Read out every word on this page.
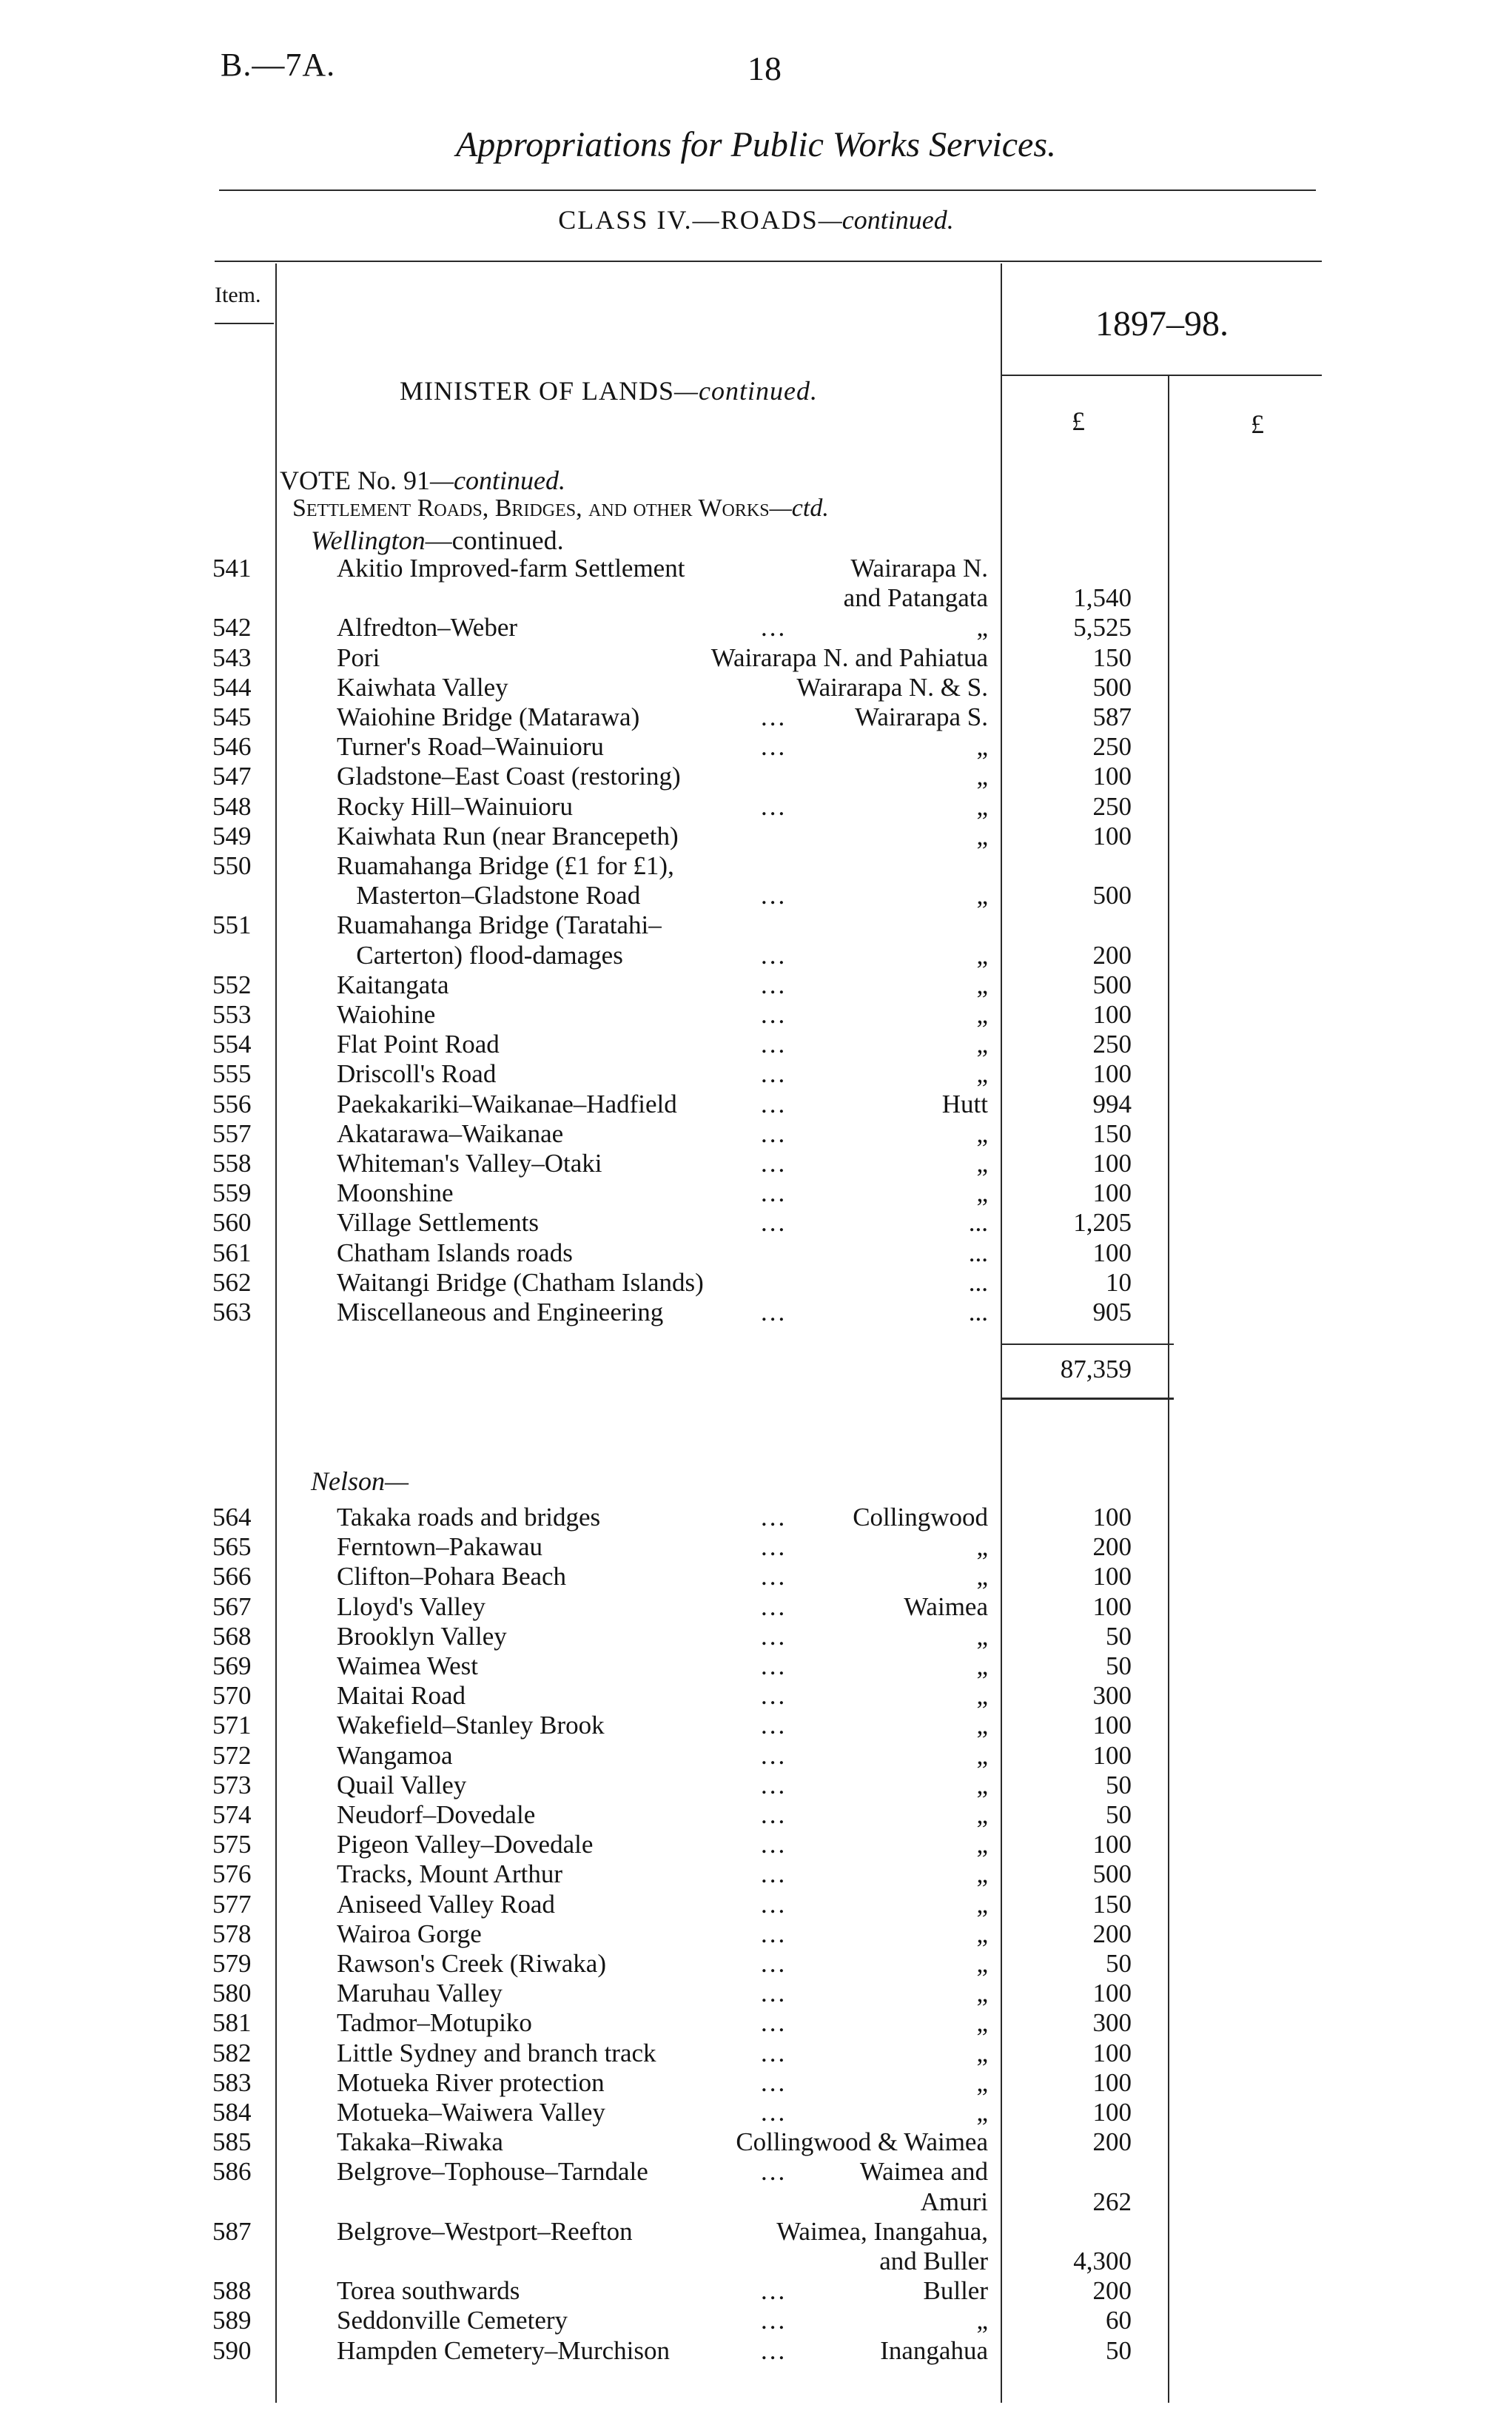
B.—7A.	18
Appropriations for Public Works Services.
CLASS IV.—ROADS—continued.
Item.
1897–98.
MINISTER OF LANDS—continued.
£	£
VOTE No. 91—continued.
Settlement Roads, Bridges, and other Works—ctd.
Wellington—continued.
541	Akitio Improved-farm Settlement	Wairarapa N.
and Patangata	1,540
542	Alfredton–Weber	...	„	5,525
543	Pori	Wairarapa N. and Pahiatua	150
544	Kaiwhata Valley	Wairarapa N. & S.	500
545	Waiohine Bridge (Matarawa)	...	Wairarapa S.	587
546	Turner's Road–Wainuioru	...	„	250
547	Gladstone–East Coast (restoring)	„	100
548	Rocky Hill–Wainuioru	...	„	250
549	Kaiwhata Run (near Brancepeth)	„	100
550	Ruamahanga Bridge (£1 for £1),
Masterton–Gladstone Road	...	„	500
551	Ruamahanga Bridge (Taratahi–
Carterton) flood-damages	...	„	200
552	Kaitangata	...	„	500
553	Waiohine	...	„	100
554	Flat Point Road	...	„	250
555	Driscoll's Road	...	„	100
556	Paekakariki–Waikanae–Hadfield	...	Hutt	994
557	Akatarawa–Waikanae	...	„	150
558	Whiteman's Valley–Otaki	...	„	100
559	Moonshine	...	„	100
560	Village Settlements	...	...	1,205
561	Chatham Islands roads	...	100
562	Waitangi Bridge (Chatham Islands)	...	10
563	Miscellaneous and Engineering	...	...	905
87,359
Nelson—
564	Takaka roads and bridges	...	Collingwood	100
565	Ferntown–Pakawau	...	„	200
566	Clifton–Pohara Beach	...	„	100
567	Lloyd's Valley	...	Waimea	100
568	Brooklyn Valley	...	„	50
569	Waimea West	...	„	50
570	Maitai Road	...	„	300
571	Wakefield–Stanley Brook	...	„	100
572	Wangamoa	...	„	100
573	Quail Valley	...	„	50
574	Neudorf–Dovedale	...	„	50
575	Pigeon Valley–Dovedale	...	„	100
576	Tracks, Mount Arthur	...	„	500
577	Aniseed Valley Road	...	„	150
578	Wairoa Gorge	...	„	200
579	Rawson's Creek (Riwaka)	...	„	50
580	Maruhau Valley	...	„	100
581	Tadmor–Motupiko	...	„	300
582	Little Sydney and branch track	...	„	100
583	Motueka River protection	...	„	100
584	Motueka–Waiwera Valley	...	„	100
585	Takaka–Riwaka	Collingwood & Waimea	200
586	Belgrove–Tophouse–Tarndale	...	Waimea and
Amuri	262
587	Belgrove–Westport–Reefton	Waimea, Inangahua,
and Buller	4,300
588	Torea southwards	...	Buller	200
589	Seddonville Cemetery	...	„	60
590	Hampden Cemetery–Murchison	...	Inangahua	50
